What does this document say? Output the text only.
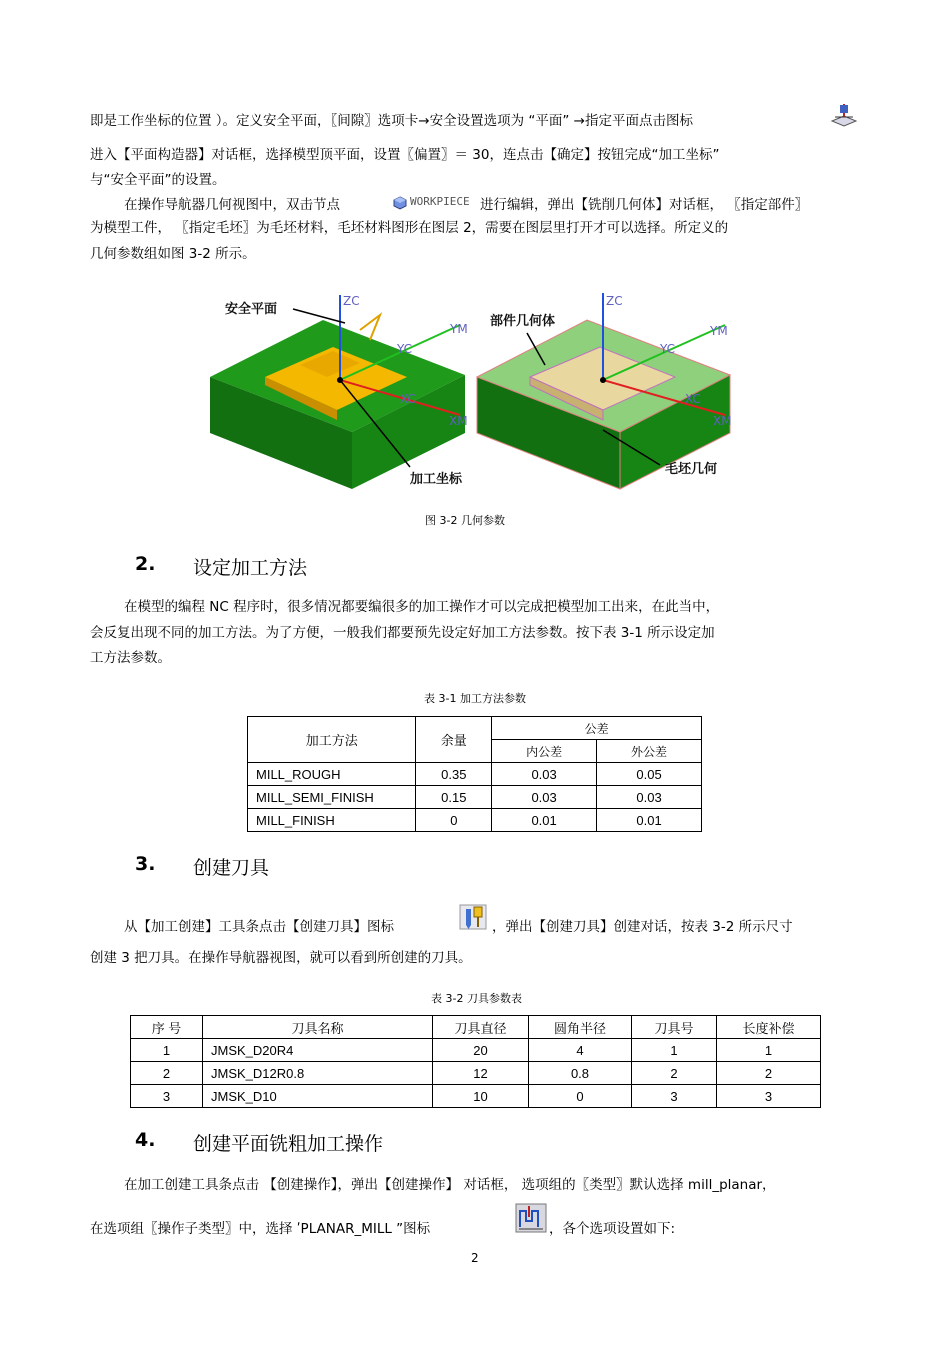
即是工作坐标的位置 ）。定义安全平面，〖间隙〗选项卡→安全设置选项为 “平面” →指定平面点击图标
进入【平面构造器】对话框，选择模型顶平面，设置〖偏置〗＝ 30，连点击【确定】按钮完成“加工坐标”
与“安全平面”的设置。
在操作导航器几何视图中，双击节点	WORKPIECE 进行编辑，弹出【铣削几何体】对话框， 〖指定部件〗
为模型工件， 〖指定毛坯〗为毛坯材料，毛坯材料图形在图层 2，需要在图层里打开才可以选择。所定义的
几何参数组如图 3-2 所示。
安全平面
ZC
YM
YC
XC
XM
加工坐标
部件几何体
ZC
YM
YC
XC
XM
毛坯几何
图 3-2 几何参数
2. 设定加工方法
在模型的编程 NC 程序时，很多情况都要编很多的加工操作才可以完成把模型加工出来，在此当中，
会反复出现不同的加工方法。为了方便，一般我们都要预先设定好加工方法参数。按下表 3-1 所示设定加
工方法参数。
表 3-1 加工方法参数
加工方法	余量	公差	
		内公差	外公差
MILL_ROUGH	0.35	0.03	0.05
MILL_SEMI_FINISH	0.15	0.03	0.03
MILL_FINISH	0	0.01	0.01
3. 创建刀具
从【加工创建】工具条点击【创建刀具】图标	，弹出【创建刀具】创建对话，按表 3-2 所示尺寸
创建 3 把刀具。在操作导航器视图，就可以看到所创建的刀具。
表 3-2 刀具参数表
序 号	刀具名称	刀具直径	圆角半径	刀具号	长度补偿
1	JMSK_D20R4	20	4	1	1
2	JMSK_D12R0.8	12	0.8	2	2
3	JMSK_D10	10	0	3	3
4. 创建平面铣粗加工操作
在加工创建工具条点击 【创建操作】，弹出【创建操作】 对话框， 选项组的〖类型〗默认选择 mill_planar，
在选项组〖操作子类型〗中，选择 ʹPLANAR_MILL ”图标	，各个选项设置如下:
2
